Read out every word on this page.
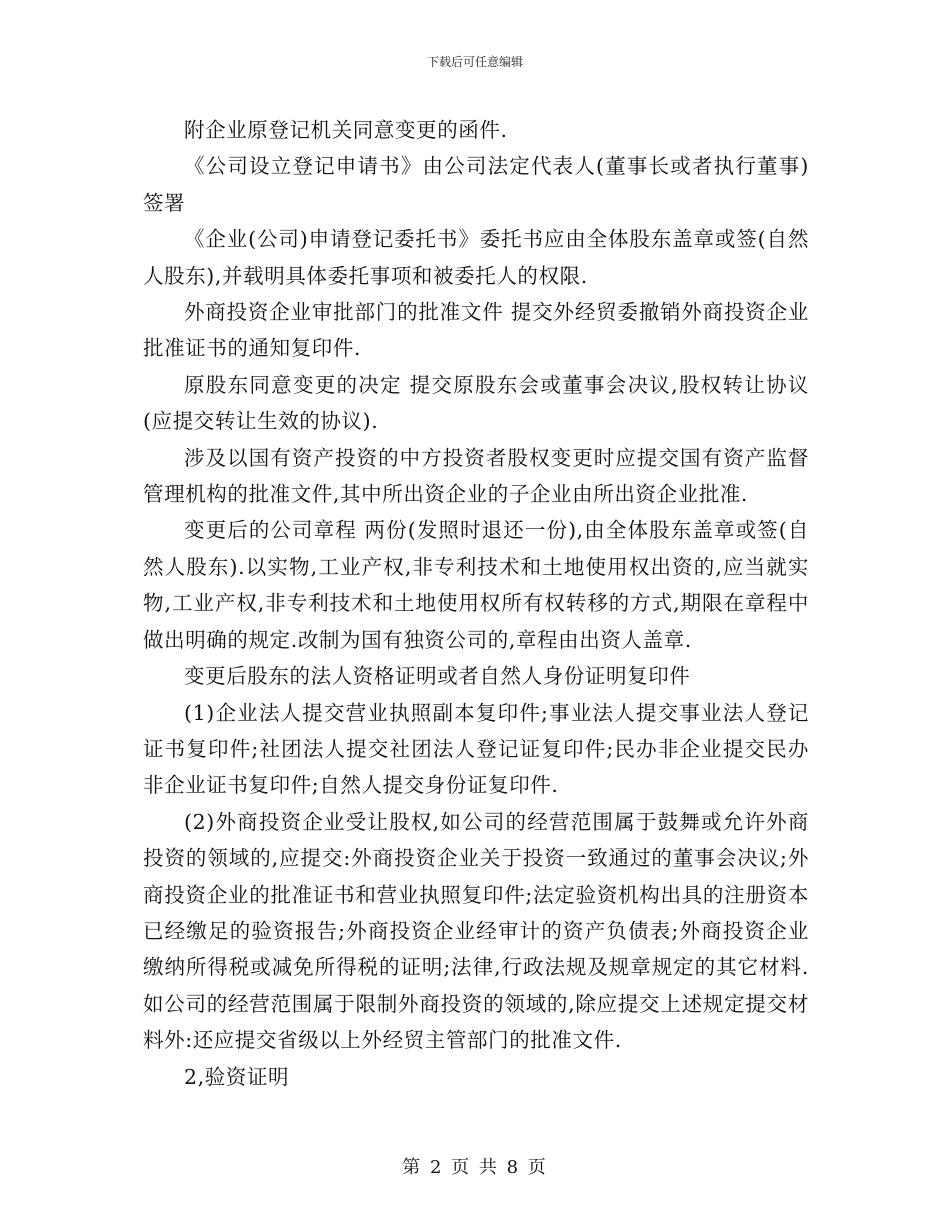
下载后可任意编辑

附企业原登记机关同意变更的函件.

《公司设立登记申请书》由公司法定代表人(董事长或者执行董事)签署

《企业(公司)申请登记委托书》委托书应由全体股东盖章或签(自然人股东),并载明具体委托事项和被委托人的权限.

外商投资企业审批部门的批准文件 提交外经贸委撤销外商投资企业批准证书的通知复印件.

原股东同意变更的决定 提交原股东会或董事会决议,股权转让协议(应提交转让生效的协议).

涉及以国有资产投资的中方投资者股权变更时应提交国有资产监督管理机构的批准文件,其中所出资企业的子企业由所出资企业批准.

变更后的公司章程 两份(发照时退还一份),由全体股东盖章或签(自然人股东).以实物,工业产权,非专利技术和土地使用权出资的,应当就实物,工业产权,非专利技术和土地使用权所有权转移的方式,期限在章程中做出明确的规定.改制为国有独资公司的,章程由出资人盖章.

变更后股东的法人资格证明或者自然人身份证明复印件

(1)企业法人提交营业执照副本复印件;事业法人提交事业法人登记证书复印件;社团法人提交社团法人登记证复印件;民办非企业提交民办非企业证书复印件;自然人提交身份证复印件.

(2)外商投资企业受让股权,如公司的经营范围属于鼓舞或允许外商投资的领域的,应提交:外商投资企业关于投资一致通过的董事会决议;外商投资企业的批准证书和营业执照复印件;法定验资机构出具的注册资本已经缴足的验资报告;外商投资企业经审计的资产负债表;外商投资企业缴纳所得税或减免所得税的证明;法律,行政法规及规章规定的其它材料.如公司的经营范围属于限制外商投资的领域的,除应提交上述规定提交材料外:还应提交省级以上外经贸主管部门的批准文件.

2,验资证明

第 2 页 共 8 页
